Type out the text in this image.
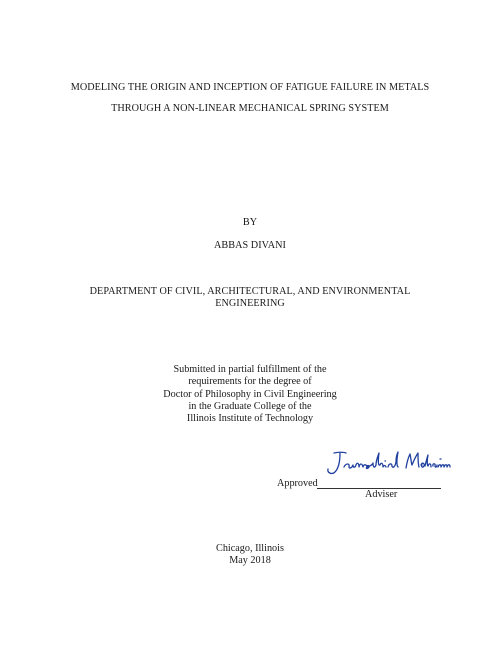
MODELING THE ORIGIN AND INCEPTION OF FATIGUE FAILURE IN METALS
THROUGH A NON-LINEAR MECHANICAL SPRING SYSTEM
BY
ABBAS DIVANI
DEPARTMENT OF CIVIL, ARCHITECTURAL, AND ENVIRONMENTAL
ENGINEERING
Submitted in partial fulfillment of the
requirements for the degree of
Doctor of Philosophy in Civil Engineering
in the Graduate College of the
Illinois Institute of Technology
Approved
Adviser
Chicago, Illinois
May 2018
